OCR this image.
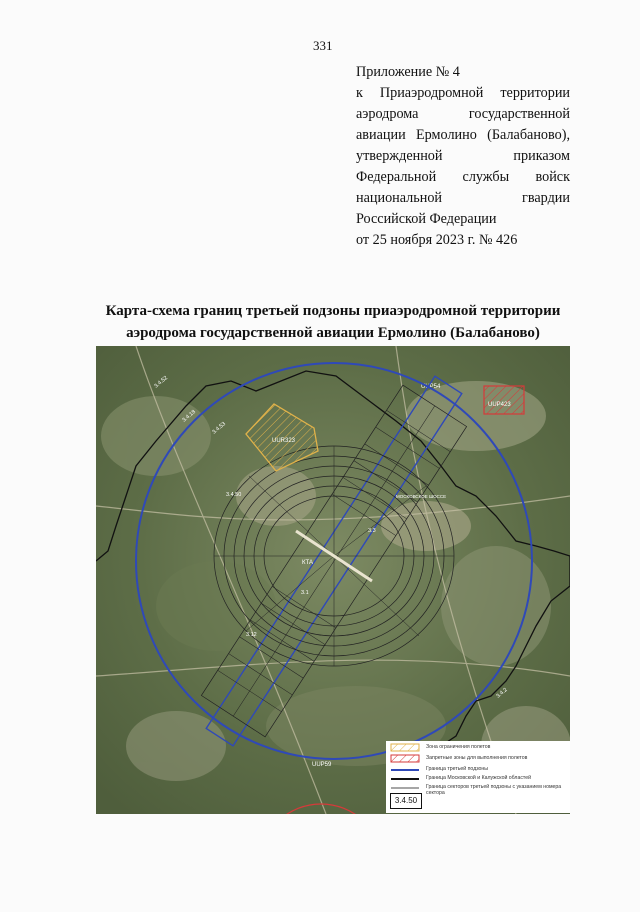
331
Приложение № 4
к Приаэродромной территории
аэродрома государственной
авиации Ермолино (Балабаново),
утвержденной приказом
Федеральной службы войск
национальной гвардии
Российской Федерации
от 25 ноября 2023 г. № 426
Карта-схема границ третьей подзоны приаэродромной территории
аэродрома государственной авиации Ермолино (Балабаново)
UUP59
UUP54
КТА
UUR323
UUP423
МОСКОВСКОЕ ШОССЕ
3.4.52
3.4.53
3.4.18
3.4.50
3.1
3.12
3.4.2
3.3
Зона ограничения полетов
Запретные зоны для выполнения полетов
Граница третьей подзоны
Граница Московской и Калужской областей
Граница секторов третьей подзоны с указанием номера сектора
3.4.50
